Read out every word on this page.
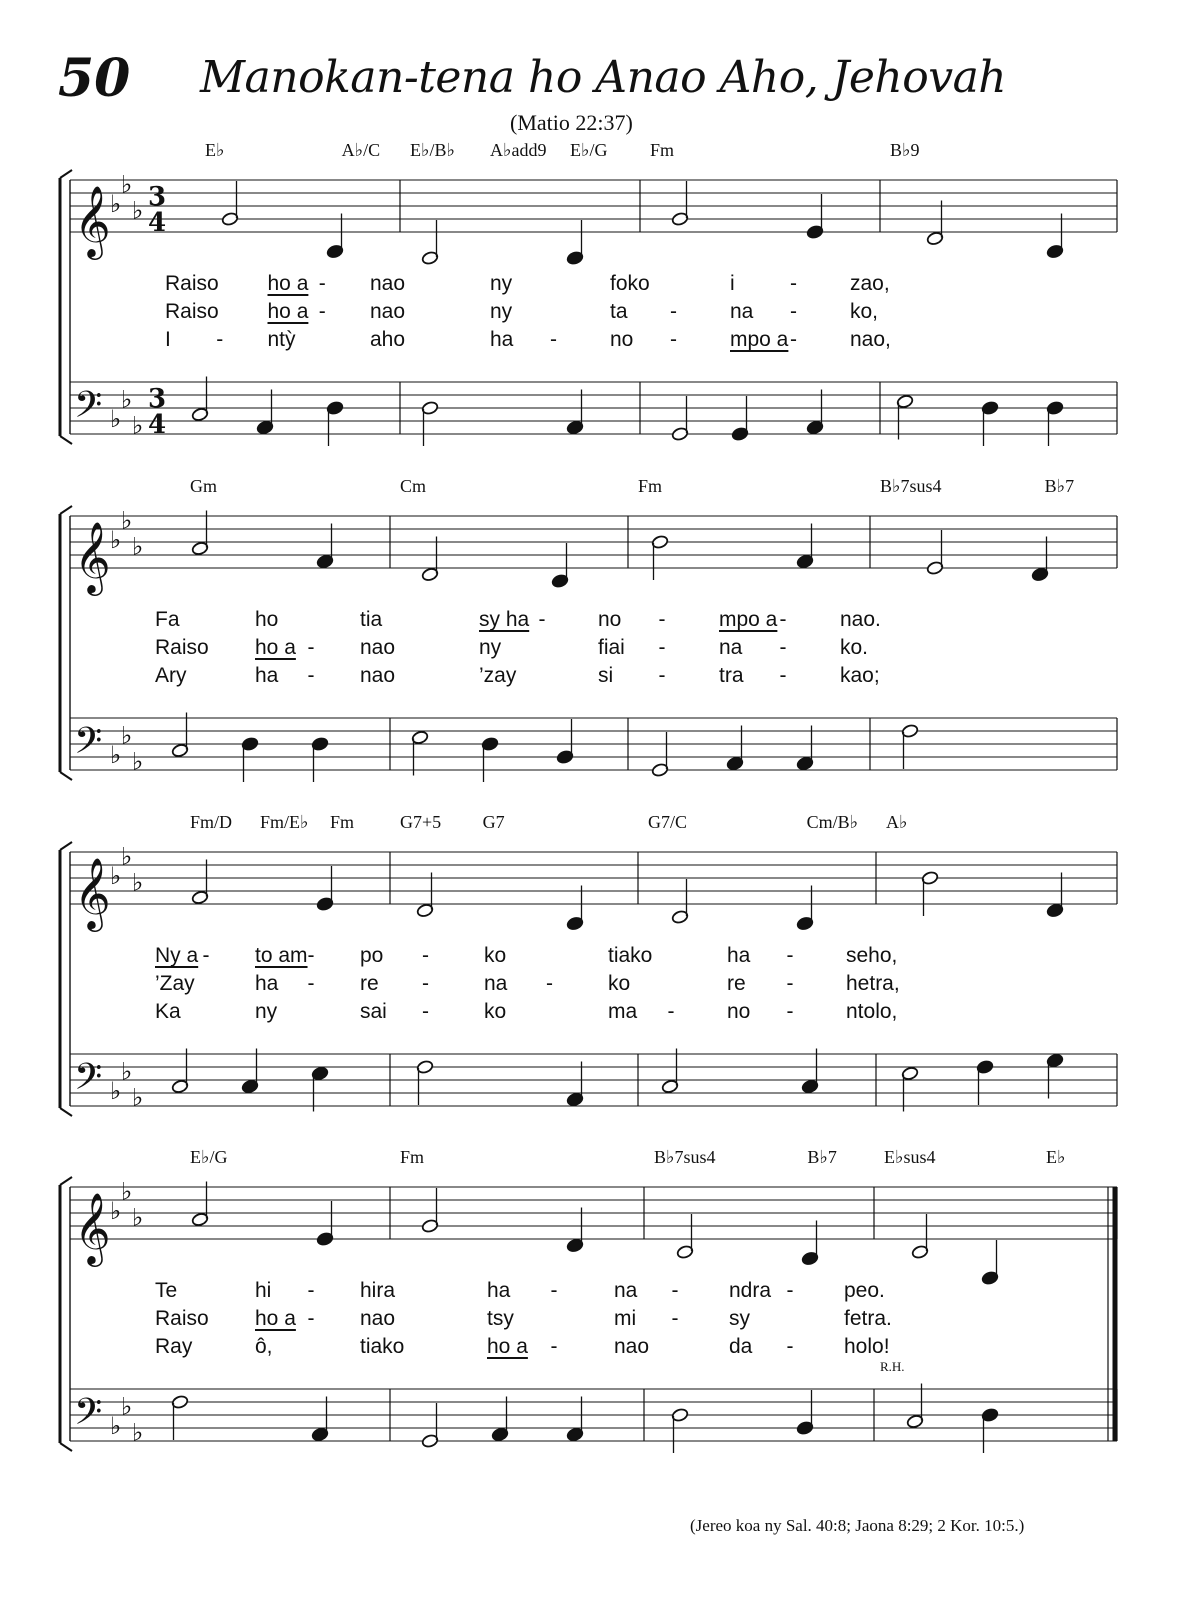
50 Manokan-tena ho Anao Aho, Jehovah
(Matio 22:37)
𝄞 ♭
♭
♭
𝄢 ♭
♭
♭
3
4
3
4
𝄞 ♭
♭
♭
𝄢 ♭
♭
♭
𝄞 ♭
♭
♭
𝄢 ♭
♭
♭
𝄞 ♭
♭
♭
𝄢 ♭
♭
♭
E♭	A♭/C E♭/B♭ A♭add9 E♭/G Fm	B♭9
Raiso ho a - nao	ny	foko	i	-	zao,
Raiso ho a - nao	ny	ta -	na -	ko,
I - ntỳ	aho	ha -	no -	mpo a -	nao,
Gm	Cm	Fm	B♭7sus4	B♭7
Fa	ho	tia	sy ha -	no -	mpo a -	nao.
Raiso ho a - nao	ny	fiai -	na -	ko.
Ary	ha - nao	’zay	si -	tra -	kao;
Fm/D Fm/E♭ Fm	G7+5 G7	G7/C	Cm/B♭ A♭
Ny a - to am - po -	ko	tiako	ha -	seho,
’Zay	ha - re -	na -	ko	re -	hetra,
Ka	ny	sai -	ko	ma -	no -	ntolo,
E♭/G	Fm	B♭7sus4	B♭7	E♭sus4	E♭
Te	hi - hira	ha -	na - ndra - peo.
Raiso ho a - nao	tsy	mi - sy	fetra.
Ray	ô,	tiako	ho a -	nao	da - holo!
R.H.
(Jereo koa ny Sal. 40:8; Jaona 8:29; 2 Kor. 10:5.)
